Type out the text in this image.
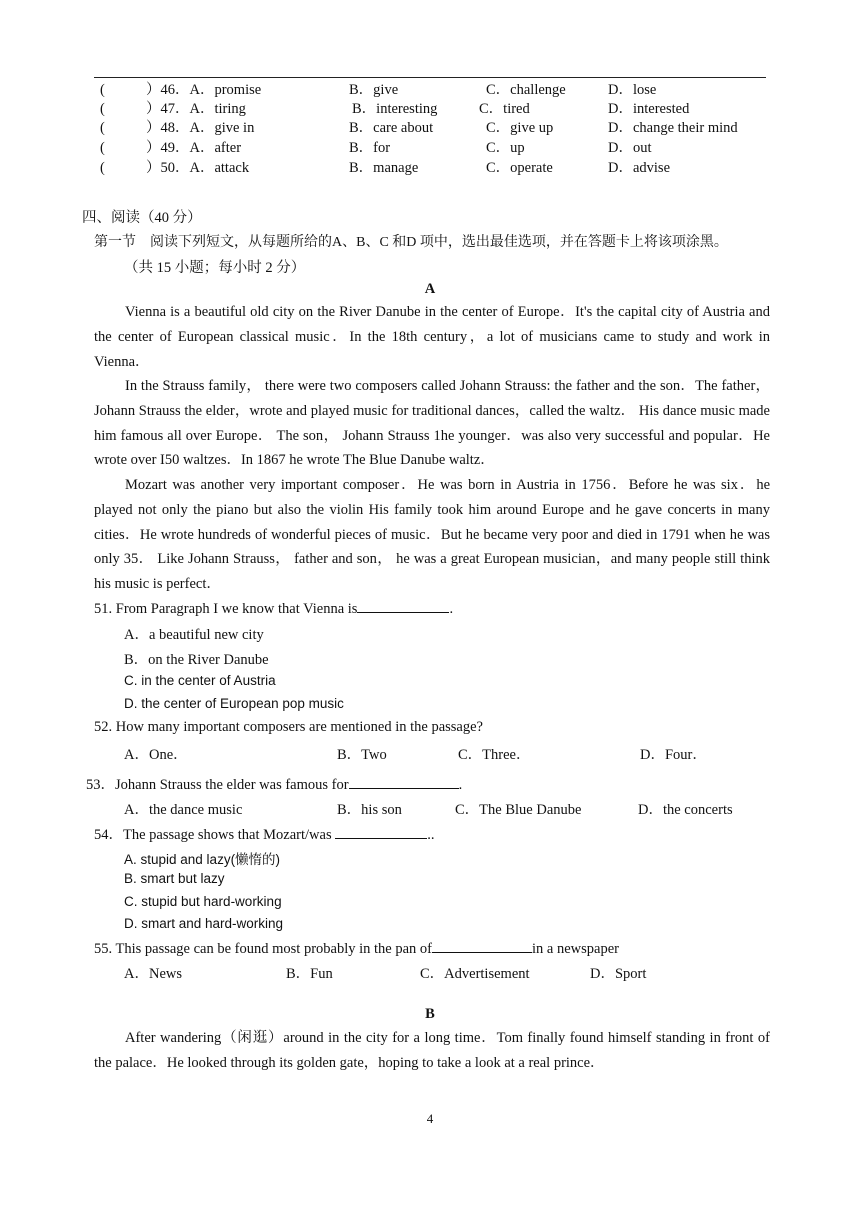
(	）46．A．promise	B．give	C．challenge	D．lose
(	）47．A．tiring	B．interesting	C．tired	D．interested
(	）48．A．give in	B．care about	C．give up	D．change their mind
(	）49．A．after	B．for	C．up	D．out
(	）50．A．attack	B．manage	C．operate	D．advise
四、阅读（40 分）
第一节　阅读下列短文，从每题所给的A、B、C 和D 项中，选出最佳选项，并在答题卡上将该项涂黑。
（共 15 小题；每小时 2 分）
A
Vienna is a beautiful old city on the River Danube in the center of Europe．It's the capital city of Austria and the center of European classical music．In the 18th century，a lot of musicians came to study and work in Vienna．
In the Strauss family， there were two composers called Johann Strauss: the father and the son．The father，Johann Strauss the elder，wrote and played music for traditional dances，called the waltz． His dance music made him famous all over Europe． The son， Johann Strauss 1he younger．was also very successful and popular．He wrote over I50 waltzes．In 1867 he wrote The Blue Danube waltz．
Mozart was another very important composer．He was born in Austria in 1756．Before he was six．he played not only the piano but also the violin His family took him around Europe and he gave concerts in many cities．He wrote hundreds of wonderful pieces of music．But he became very poor and died in 1791 when he was only 35． Like Johann Strauss， father and son， he was a great European musician，and many people still think his music is perfect．
51. From Paragraph I we know that Vienna is	.
A．a beautiful new city
B．on the River Danube
C. in the center of Austria
D. the center of European pop music
52. How many important composers are mentioned in the passage?
A．One．	B．Two	C．Three．	D．Four．
53．Johann Strauss the elder was famous for	.
A．the dance music	B．his son	C．The Blue Danube	D．the concerts
54．The passage shows that Mozart/was	..
A. stupid and lazy(懒惰的)
B. smart but lazy
C. stupid but hard-working
D. smart and hard-working
55. This passage can be found most probably in the pan of	in a newspaper
A．News	B．Fun	C．Advertisement	D．Sport
B
After wandering（闲逛）around in the city for a long time．Tom finally found himself standing in front of the palace．He looked through its golden gate，hoping to take a look at a real prince．
4
